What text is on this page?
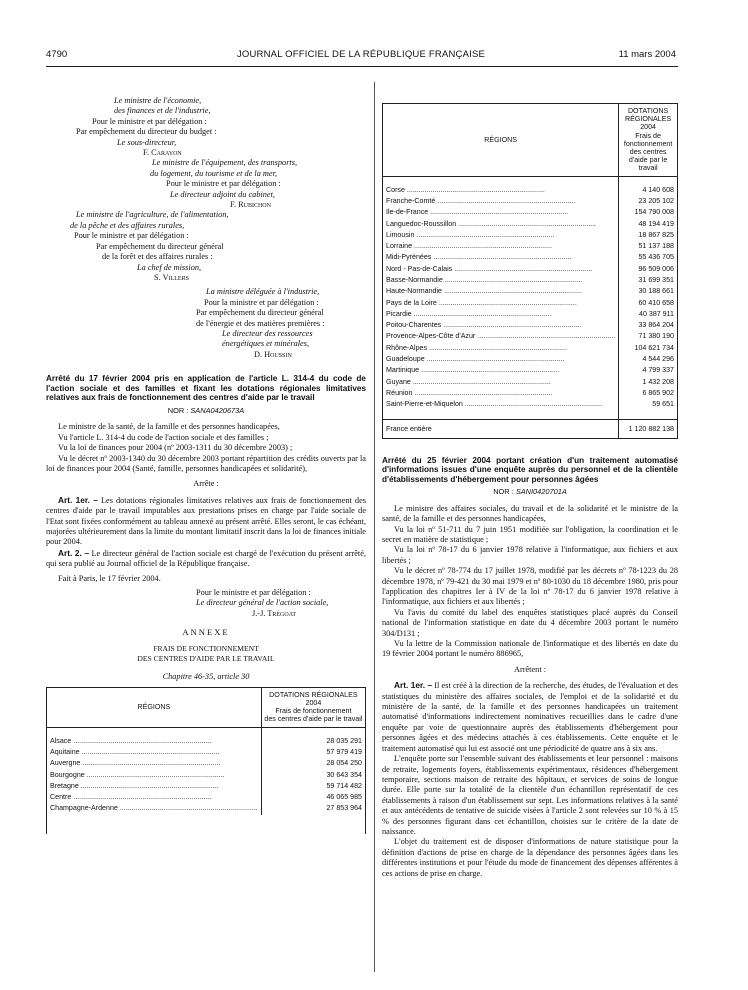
4790	JOURNAL OFFICIEL DE LA RÉPUBLIQUE FRANÇAISE	11 mars 2004
Le ministre de l'économie,
des finances et de l'industrie,
Pour le ministre et par délégation :
Par empêchement du directeur du budget :
Le sous-directeur,
F. Carayon
Le ministre de l'équipement, des transports,
du logement, du tourisme et de la mer,
Pour le ministre et par délégation :
Le directeur adjoint du cabinet,
F. Rubichon
Le ministre de l'agriculture, de l'alimentation,
de la pêche et des affaires rurales,
Pour le ministre et par délégation :
Par empêchement du directeur général
de la forêt et des affaires rurales :
La chef de mission,
S. Villers
La ministre déléguée à l'industrie,
Pour la ministre et par délégation :
Par empêchement du directeur général
de l'énergie et des matières premières :
Le directeur des ressources
énergétiques et minérales,
D. Houssin

Arrêté du 17 février 2004 pris en application de l'article L. 314-4 du code de l'action sociale et des familles et fixant les dotations régionales limitatives relatives aux frais de fonctionnement des centres d'aide par le travail

NOR : SANA0420673A

Le ministre de la santé, de la famille et des personnes handicapées,

Vu l'article L. 314-4 du code de l'action sociale et des familles ;

Vu la loi de finances pour 2004 (nº 2003-1311 du 30 décembre 2003) ;

Vu le décret nº 2003-1340 du 30 décembre 2003 portant répartition des crédits ouverts par la loi de finances pour 2004 (Santé, famille, personnes handicapées et solidarité),

Arrête :

Art. 1er. – Les dotations régionales limitatives relatives aux frais de fonctionnement des centres d'aide par le travail imputables aux prestations prises en charge par l'aide sociale de l'Etat sont fixées conformément au tableau annexé au présent arrêté. Elles seront, le cas échéant, majorées ultérieurement dans la limite du montant limitatif inscrit dans la loi de finances initiale pour 2004.

Art. 2. – Le directeur général de l'action sociale est chargé de l'exécution du présent arrêté, qui sera publié au Journal officiel de la République française.

Fait à Paris, le 17 février 2004.

Pour le ministre et par délégation :
Le directeur général de l'action sociale,
J.-J. Trégoat
ANNEXE
FRAIS DE FONCTIONNEMENT
DES CENTRES D'AIDE PAR LE TRAVAIL
Chapitre 46-35, article 30
RÉGIONS	DOTATIONS RÉGIONALES 2004
Frais de fonctionnement
des centres d'aide par le travail

Alsace .....	28 035 291

Aquitaine .....	57 979 419

Auvergne .....	28 054 250

Bourgogne .....	30 643 354

Bretagne .....	59 714 482

Centre .....	46 065 985

Champagne-Ardenne .....	27 853 964
RÉGIONS	DOTATIONS RÉGIONALES 2004
Frais de fonctionnement
des centres d'aide par le travail

Corse .....	4 140 608

Franche-Comté .....	23 205 102

Ile-de-France .....	154 790 008

Languedoc-Roussillon .....	48 194 419

Limousin .....	18 867 825

Lorraine .....	51 137 188

Midi-Pyrénées .....	55 436 705

Nord - Pas-de-Calais .....	96 509 006

Basse-Normandie .....	31 699 351

Haute-Normandie .....	30 188 661

Pays de la Loire .....	60 410 658

Picardie .....	40 387 911

Poitou-Charentes .....	33 864 204

Provence-Alpes-Côte d'Azur .....	71 380 190

Rhône-Alpes .....	104 621 734

Guadeloupe .....	4 544 296

Martinique .....	4 799 337

Guyane .....	1 432 208

Réunion .....	6 865 902

Saint-Pierre-et-Miquelon .....	59 651

France entière	1 120 882 138

Arrêté du 25 février 2004 portant création d'un traitement automatisé d'informations issues d'une enquête auprès du personnel et de la clientèle d'établissements d'hébergement pour personnes âgées

NOR : SANI0420701A

Le ministre des affaires sociales, du travail et de la solidarité et le ministre de la santé, de la famille et des personnes handicapées,

Vu la loi nº 51-711 du 7 juin 1951 modifiée sur l'obligation, la coordination et le secret en matière de statistique ;

Vu la loi nº 78-17 du 6 janvier 1978 relative à l'informatique, aux fichiers et aux libertés ;

Vu le décret nº 78-774 du 17 juillet 1978, modifié par les décrets nº 78-1223 du 28 décembre 1978, nº 79-421 du 30 mai 1979 et nº 80-1030 du 18 décembre 1980, pris pour l'application des chapitres Ier à IV de la loi nº 78-17 du 6 janvier 1978 relative à l'informatique, aux fichiers et aux libertés ;

Vu l'avis du comité du label des enquêtes statistiques placé auprès du Conseil national de l'information statistique en date du 4 décembre 2003 portant le numéro 304/D131 ;

Vu la lettre de la Commission nationale de l'informatique et des libertés en date du 19 février 2004 portant le numéro 886965,

Arrêtent :

Art. 1er. – Il est créé à la direction de la recherche, des études, de l'évaluation et des statistiques du ministère des affaires sociales, de l'emploi et de la solidarité et du ministère de la santé, de la famille et des personnes handicapées un traitement automatisé d'informations indirectement nominatives recueillies dans le cadre d'une enquête par voie de questionnaire auprès des établissements d'hébergement pour personnes âgées et des médecins attachés à ces établissements. Cette enquête et le traitement automatisé qui lui est associé ont une périodicité de quatre ans à six ans.

L'enquête porte sur l'ensemble suivant des établissements et leur personnel : maisons de retraite, logements foyers, établissements expérimentaux, résidences d'hébergement temporaire, sections maison de retraite des hôpitaux, et services de soins de longue durée. Elle porte sur la totalité de la clientèle d'un échantillon représentatif de ces établissements à raison d'un établissement sur sept. Les informations relatives à la santé et aux antécédents de tentative de suicide visées à l'article 2 sont relevées sur 10 % à 15 % des personnes figurant dans cet échantillon, choisies sur le critère de la date de naissance.

L'objet du traitement est de disposer d'informations de nature statistique pour la définition d'actions de prise en charge de la dépendance des personnes âgées dans les différentes institutions et pour l'étude du mode de financement des dépenses afférentes à ces actions de prise en charge.
